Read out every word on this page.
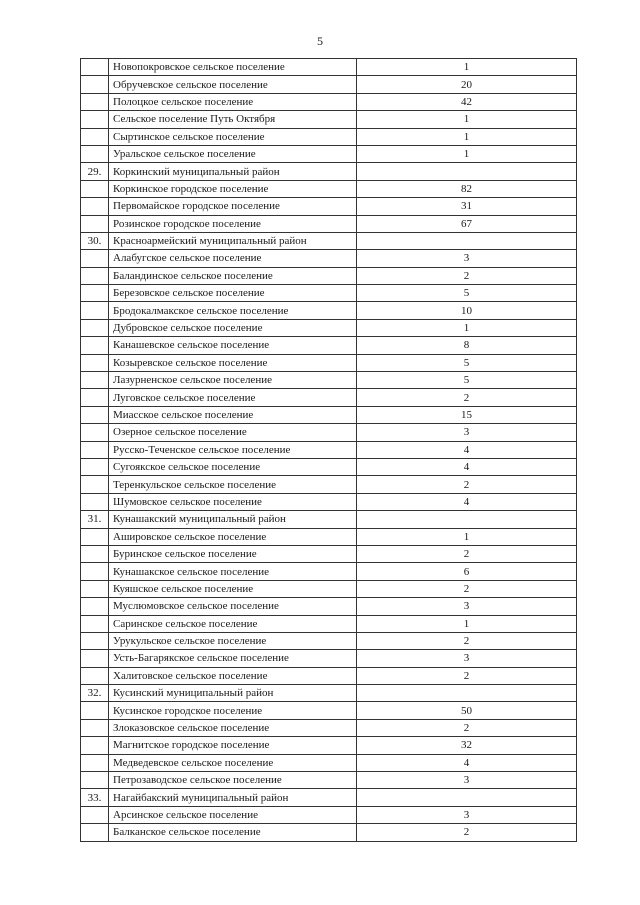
5
	Новопокровское сельское поселение	1
	Обручевское сельское поселение	20
	Полоцкое сельское поселение	42
	Сельское поселение Путь Октября	1
	Сыртинское сельское поселение	1
	Уральское сельское поселение	1
29.	Коркинский муниципальный район	
	Коркинское городское поселение	82
	Первомайское городское поселение	31
	Розинское городское поселение	67
30.	Красноармейский муниципальный район	
	Алабугское сельское поселение	3
	Баландинское сельское поселение	2
	Березовское сельское поселение	5
	Бродокалмакское сельское поселение	10
	Дубровское сельское поселение	1
	Канашевское сельское поселение	8
	Козыревское сельское поселение	5
	Лазурненское сельское поселение	5
	Луговское сельское поселение	2
	Миасское сельское поселение	15
	Озерное сельское поселение	3
	Русско-Теченское сельское поселение	4
	Сугоякское сельское поселение	4
	Теренкульское сельское поселение	2
	Шумовское сельское поселение	4
31.	Кунашакский муниципальный район	
	Ашировское сельское поселение	1
	Буринское сельское поселение	2
	Кунашакское сельское поселение	6
	Куяшское сельское поселение	2
	Муслюмовское сельское поселение	3
	Саринское сельское поселение	1
	Урукульское сельское поселение	2
	Усть-Багарякское сельское поселение	3
	Халитовское сельское поселение	2
32.	Кусинский муниципальный район	
	Кусинское городское поселение	50
	Злоказовское сельское поселение	2
	Магнитское городское поселение	32
	Медведевское сельское поселение	4
	Петрозаводское сельское поселение	3
33.	Нагайбакский муниципальный район	
	Арсинское сельское поселение	3
	Балканское сельское поселение	2
